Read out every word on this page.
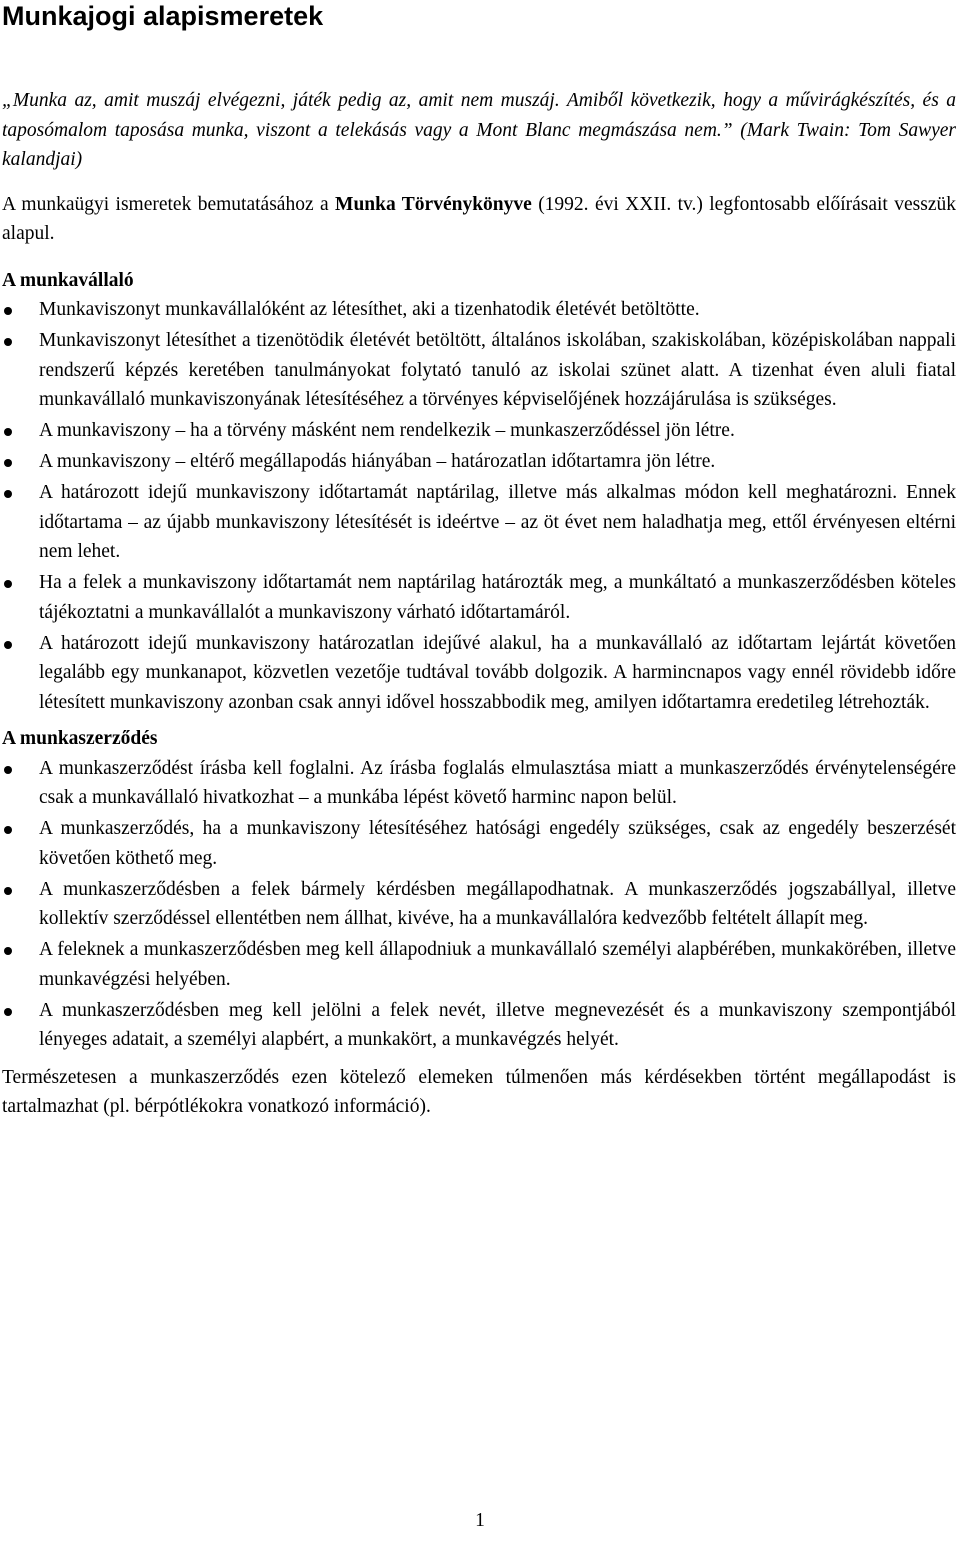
Munkajogi alapismeretek

„Munka az, amit muszáj elvégezni, játék pedig az, amit nem muszáj. Amiből következik, hogy a művirágkészítés, és a taposómalom taposása munka, viszont a telekásás vagy a Mont Blanc megmászása nem.” (Mark Twain: Tom Sawyer kalandjai)

A munkaügyi ismeretek bemutatásához a Munka Törvénykönyve (1992. évi XXII. tv.) legfontosabb előírásait vesszük alapul.

A munkavállaló

Munkaviszonyt munkavállalóként az létesíthet, aki a tizenhatodik életévét betöltötte.
Munkaviszonyt létesíthet a tizenötödik életévét betöltött, általános iskolában, szakiskolában, középiskolában nappali rendszerű képzés keretében tanulmányokat folytató tanuló az iskolai szünet alatt. A tizenhat éven aluli fiatal munkavállaló munkaviszonyának létesítéséhez a törvényes képviselőjének hozzájárulása is szükséges.
A munkaviszony – ha a törvény másként nem rendelkezik – munkaszerződéssel jön létre.
A munkaviszony – eltérő megállapodás hiányában – határozatlan időtartamra jön létre.
A határozott idejű munkaviszony időtartamát naptárilag, illetve más alkalmas módon kell meghatározni. Ennek időtartama – az újabb munkaviszony létesítését is ideértve – az öt évet nem haladhatja meg, ettől érvényesen eltérni nem lehet.
Ha a felek a munkaviszony időtartamát nem naptárilag határozták meg, a munkáltató a munkaszerződésben köteles tájékoztatni a munkavállalót a munkaviszony várható időtartamáról.
A határozott idejű munkaviszony határozatlan idejűvé alakul, ha a munkavállaló az időtartam lejártát követően legalább egy munkanapot, közvetlen vezetője tudtával tovább dolgozik. A harmincnapos vagy ennél rövidebb időre létesített munkaviszony azonban csak annyi idővel hosszabbodik meg, amilyen időtartamra eredetileg létrehozták.

A munkaszerződés

A munkaszerződést írásba kell foglalni. Az írásba foglalás elmulasztása miatt a munkaszerződés érvénytelenségére csak a munkavállaló hivatkozhat – a munkába lépést követő harminc napon belül.
A munkaszerződés, ha a munkaviszony létesítéséhez hatósági engedély szükséges, csak az engedély beszerzését követően köthető meg.
A munkaszerződésben a felek bármely kérdésben megállapodhatnak. A munkaszerződés jogszabállyal, illetve kollektív szerződéssel ellentétben nem állhat, kivéve, ha a munkavállalóra kedvezőbb feltételt állapít meg.
A feleknek a munkaszerződésben meg kell állapodniuk a munkavállaló személyi alapbérében, munkakörében, illetve munkavégzési helyében.
A munkaszerződésben meg kell jelölni a felek nevét, illetve megnevezését és a munkaviszony szempontjából lényeges adatait, a személyi alapbért, a munkakört, a munkavégzés helyét.

Természetesen a munkaszerződés ezen kötelező elemeken túlmenően más kérdésekben történt megállapodást is tartalmazhat (pl. bérpótlékokra vonatkozó információ).

1
